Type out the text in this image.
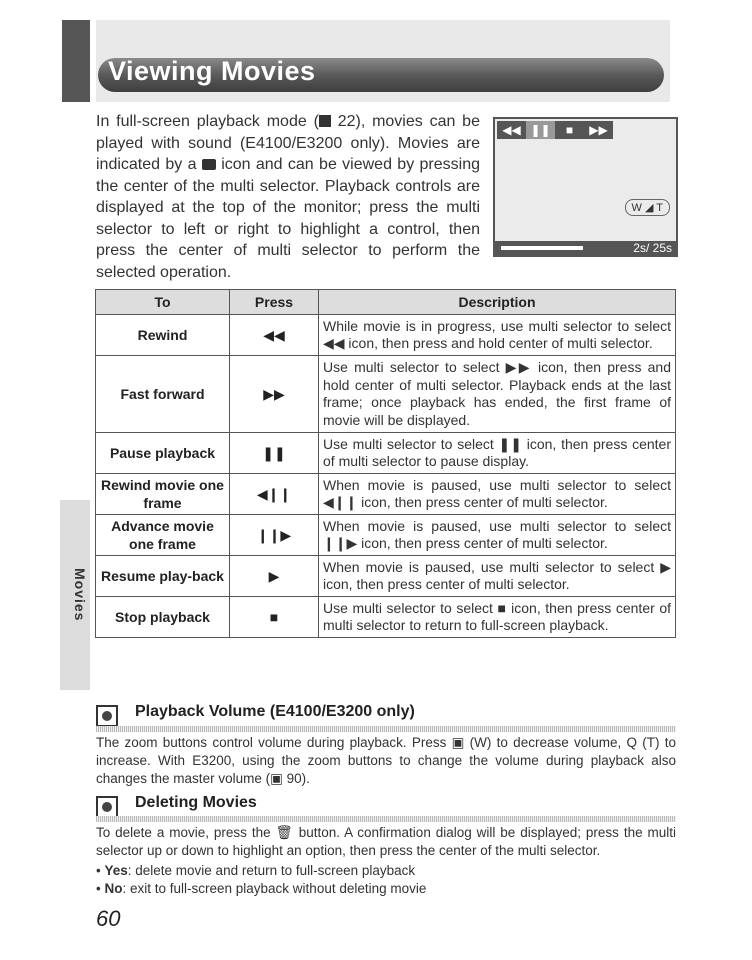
Viewing Movies
In full-screen playback mode ( 22), movies can be played with sound (E4100/E3200 only). Movies are indicated by a icon and can be viewed by pressing the center of the multi selector. Playback controls are displayed at the top of the monitor; press the multi selector to left or right to highlight a control, then press the center of multi selector to perform the selected operation.
◀◀ ❚❚	■	▶▶
W ◢ T
2s/ 25s
Movies
To	Press	Description
Rewind	◀◀	While movie is in progress, use multi selector to select ◀◀ icon, then press and hold center of multi selector.
Fast forward	▶▶	Use multi selector to select ▶▶ icon, then press and hold center of multi selector. Playback ends at the last frame; once playback has ended, the first frame of movie will be displayed.
Pause playback	❚❚	Use multi selector to select ❚❚ icon, then press center of multi selector to pause display.
Rewind movie one frame	◀❙❙	When movie is paused, use multi selector to select ◀❙❙ icon, then press center of multi selector.
Advance movie one frame	❙❙▶	When movie is paused, use multi selector to select ❙❙▶ icon, then press center of multi selector.
Resume play-back	▶	When movie is paused, use multi selector to select ▶ icon, then press center of multi selector.
Stop playback	■	Use multi selector to select ■ icon, then press center of multi selector to return to full-screen playback.
Playback Volume (E4100/E3200 only)
The zoom buttons control volume during playback. Press ▣ (W) to decrease volume, Q (T) to increase. With E3200, using the zoom buttons to change the volume during playback also changes the master volume (▣ 90).
Deleting Movies
To delete a movie, press the 🗑 button. A confirmation dialog will be displayed; press the multi selector up or down to highlight an option, then press the center of the multi selector.
• Yes: delete movie and return to full-screen playback
• No: exit to full-screen playback without deleting movie
60
